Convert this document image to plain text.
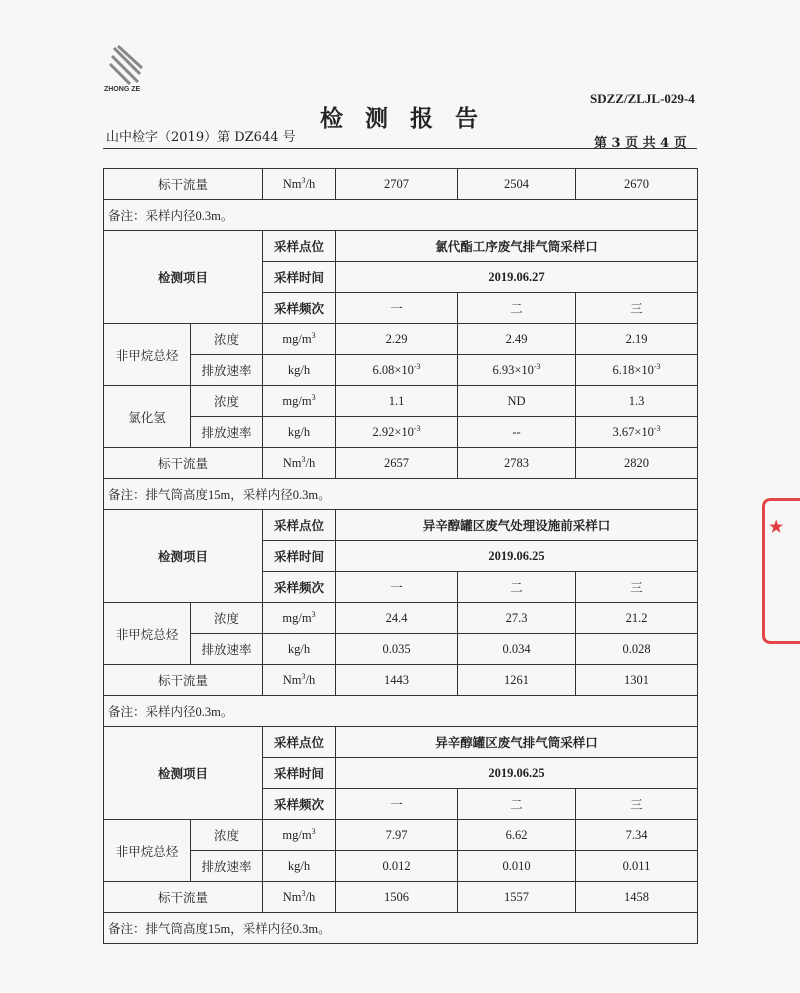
ZHONG ZE
SDZZ/ZLJL-029-4
检测报告
山中检字（2019）第 DZ644 号	第 3 页 共 4 页
标干流量		Nm$^3$/h	2707	2504	2670
备注：采样内径0.3m。					
检测项目		采样点位	氯代酯工序废气排气筒采样口		
		采样时间	2019.06.27		
		采样频次	一	二	三
非甲烷总烃	浓度	$mg/m^3$	2.29	2.49	2.19
	排放速率	kg/h	$6.08\times 10^{-3}$	$6.93\times 10^{-3}$	$6.18\times 10^{-3}$
氯化氢	浓度	$mg/m^3$	1.1	ND	1.3
	排放速率	kg/h	$2.92\times 10^{-3}$	--	$3.67\times 10^{-3}$
标干流量		Nm$^3$/h	2657	2783	2820
备注：排气筒高度15m，采样内径0.3m。					
检测项目		采样点位	异辛醇罐区废气处理设施前采样口		
		采样时间	2019.06.25		
		采样频次	一	二	三
非甲烷总烃	浓度	$mg/m^3$	24.4	27.3	21.2
	排放速率	kg/h	0.035	0.034	0.028
标干流量		Nm$^3$/h	1443	1261	1301
备注：采样内径0.3m。					
检测项目		采样点位	异辛醇罐区废气排气筒采样口		
		采样时间	2019.06.25		
		采样频次	一	二	三
非甲烷总烃	浓度	$mg/m^3$	7.97	6.62	7.34
	排放速率	kg/h	0.012	0.010	0.011
标干流量		Nm$^3$/h	1506	1557	1458
备注：排气筒高度15m，采样内径0.3m。					
★
